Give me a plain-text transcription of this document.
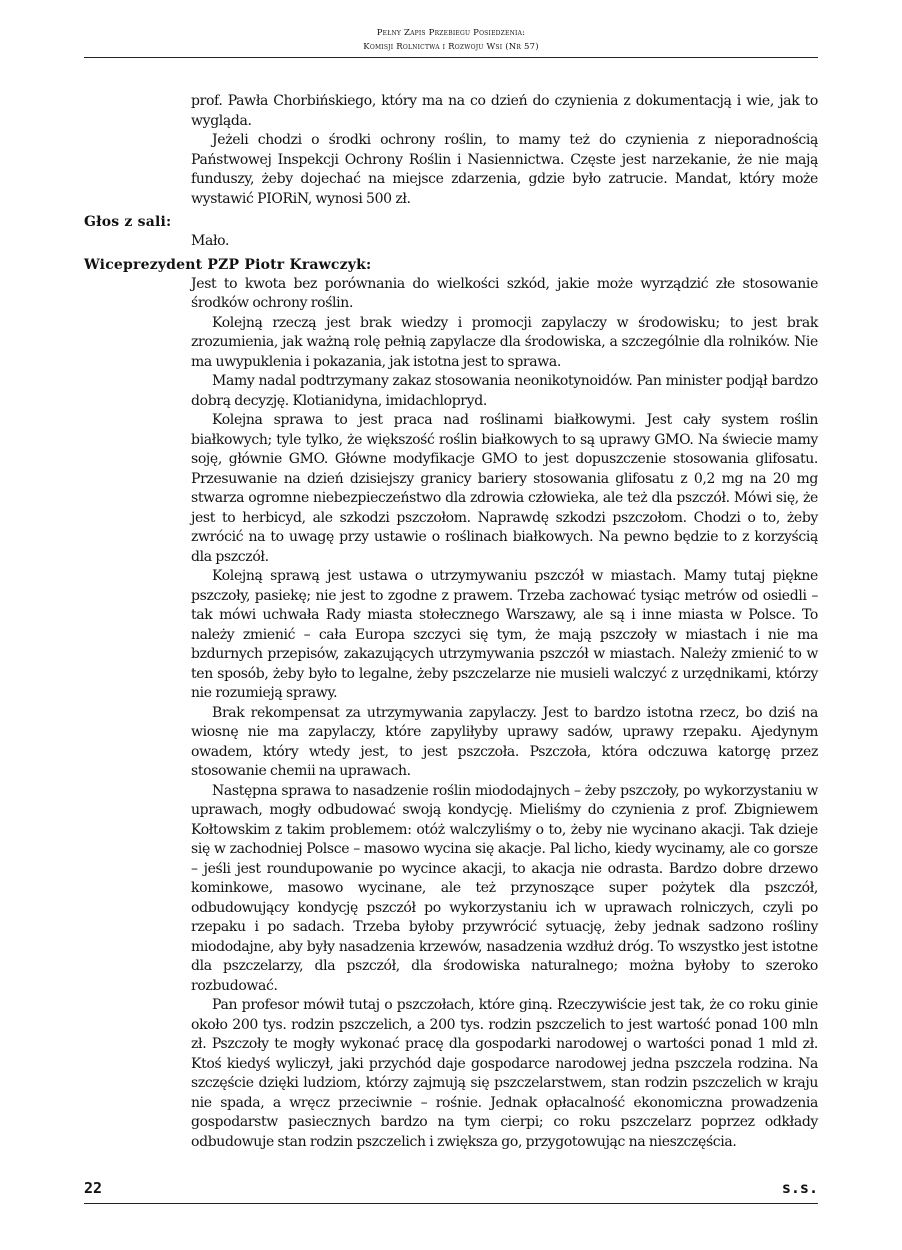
Pełny Zapis Przebiegu Posiedzenia:
Komisji Rolnictwa i Rozwoju Wsi (Nr 57)

prof. Pawła Chorbińskiego, który ma na co dzień do czynienia z dokumentacją i wie, jak to wygląda.

Jeżeli chodzi o środki ochrony roślin, to mamy też do czynienia z nieporadnością Państwowej Inspekcji Ochrony Roślin i Nasiennictwa. Częste jest narzekanie, że nie mają funduszy, żeby dojechać na miejsce zdarzenia, gdzie było zatrucie. Mandat, który może wystawić PIORiN, wynosi 500 zł.

Głos z sali:

Mało.

Wiceprezydent PZP Piotr Krawczyk:

Jest to kwota bez porównania do wielkości szkód, jakie może wyrządzić złe stosowanie środków ochrony roślin.

Kolejną rzeczą jest brak wiedzy i promocji zapylaczy w środowisku; to jest brak zrozumienia, jak ważną rolę pełnią zapylacze dla środowiska, a szczególnie dla rolników. Nie ma uwypuklenia i pokazania, jak istotna jest to sprawa.

Mamy nadal podtrzymany zakaz stosowania neonikotynoidów. Pan minister podjął bardzo dobrą decyzję. Klotianidyna, imidachlopryd.

Kolejna sprawa to jest praca nad roślinami białkowymi. Jest cały system roślin białkowych; tyle tylko, że większość roślin białkowych to są uprawy GMO. Na świecie mamy soję, głównie GMO. Główne modyfikacje GMO to jest dopuszczenie stosowania glifosatu. Przesuwanie na dzień dzisiejszy granicy bariery stosowania glifosatu z 0,2 mg na 20 mg stwarza ogromne niebezpieczeństwo dla zdrowia człowieka, ale też dla pszczół. Mówi się, że jest to herbicyd, ale szkodzi pszczołom. Naprawdę szkodzi pszczołom. Chodzi o to, żeby zwrócić na to uwagę przy ustawie o roślinach białkowych. Na pewno będzie to z korzyścią dla pszczół.

Kolejną sprawą jest ustawa o utrzymywaniu pszczół w miastach. Mamy tutaj piękne pszczoły, pasiekę; nie jest to zgodne z prawem. Trzeba zachować tysiąc metrów od osiedli – tak mówi uchwała Rady miasta stołecznego Warszawy, ale są i inne miasta w Polsce. To należy zmienić – cała Europa szczyci się tym, że mają pszczoły w miastach i nie ma bzdurnych przepisów, zakazujących utrzymywania pszczół w miastach. Należy zmienić to w ten sposób, żeby było to legalne, żeby pszczelarze nie musieli walczyć z urzędnikami, którzy nie rozumieją sprawy.

Brak rekompensat za utrzymywania zapylaczy. Jest to bardzo istotna rzecz, bo dziś na wiosnę nie ma zapylaczy, które zapyliłyby uprawy sadów, uprawy rzepaku. Ajedynym owadem, który wtedy jest, to jest pszczoła. Pszczoła, która odczuwa katorgę przez stosowanie chemii na uprawach.

Następna sprawa to nasadzenie roślin miododajnych – żeby pszczoły, po wykorzystaniu w uprawach, mogły odbudować swoją kondycję. Mieliśmy do czynienia z prof. Zbigniewem Kołtowskim z takim problemem: otóż walczyliśmy o to, żeby nie wycinano akacji. Tak dzieje się w zachodniej Polsce – masowo wycina się akacje. Pal licho, kiedy wycinamy, ale co gorsze – jeśli jest roundupowanie po wycince akacji, to akacja nie odrasta. Bardzo dobre drzewo kominkowe, masowo wycinane, ale też przynoszące super pożytek dla pszczół, odbudowujący kondycję pszczół po wykorzystaniu ich w uprawach rolniczych, czyli po rzepaku i po sadach. Trzeba byłoby przywrócić sytuację, żeby jednak sadzono rośliny miododajne, aby były nasadzenia krzewów, nasadzenia wzdłuż dróg. To wszystko jest istotne dla pszczelarzy, dla pszczół, dla środowiska naturalnego; można byłoby to szeroko rozbudować.

Pan profesor mówił tutaj o pszczołach, które giną. Rzeczywiście jest tak, że co roku ginie około 200 tys. rodzin pszczelich, a 200 tys. rodzin pszczelich to jest wartość ponad 100 mln zł. Pszczoły te mogły wykonać pracę dla gospodarki narodowej o wartości ponad 1 mld zł. Ktoś kiedyś wyliczył, jaki przychód daje gospodarce narodowej jedna pszczela rodzina. Na szczęście dzięki ludziom, którzy zajmują się pszczelarstwem, stan rodzin pszczelich w kraju nie spada, a wręcz przeciwnie – rośnie. Jednak opłacalność ekonomiczna prowadzenia gospodarstw pasiecznych bardzo na tym cierpi; co roku pszczelarz poprzez odkłady odbudowuje stan rodzin pszczelich i zwiększa go, przygotowując na nieszczęścia.

22	s.s.
